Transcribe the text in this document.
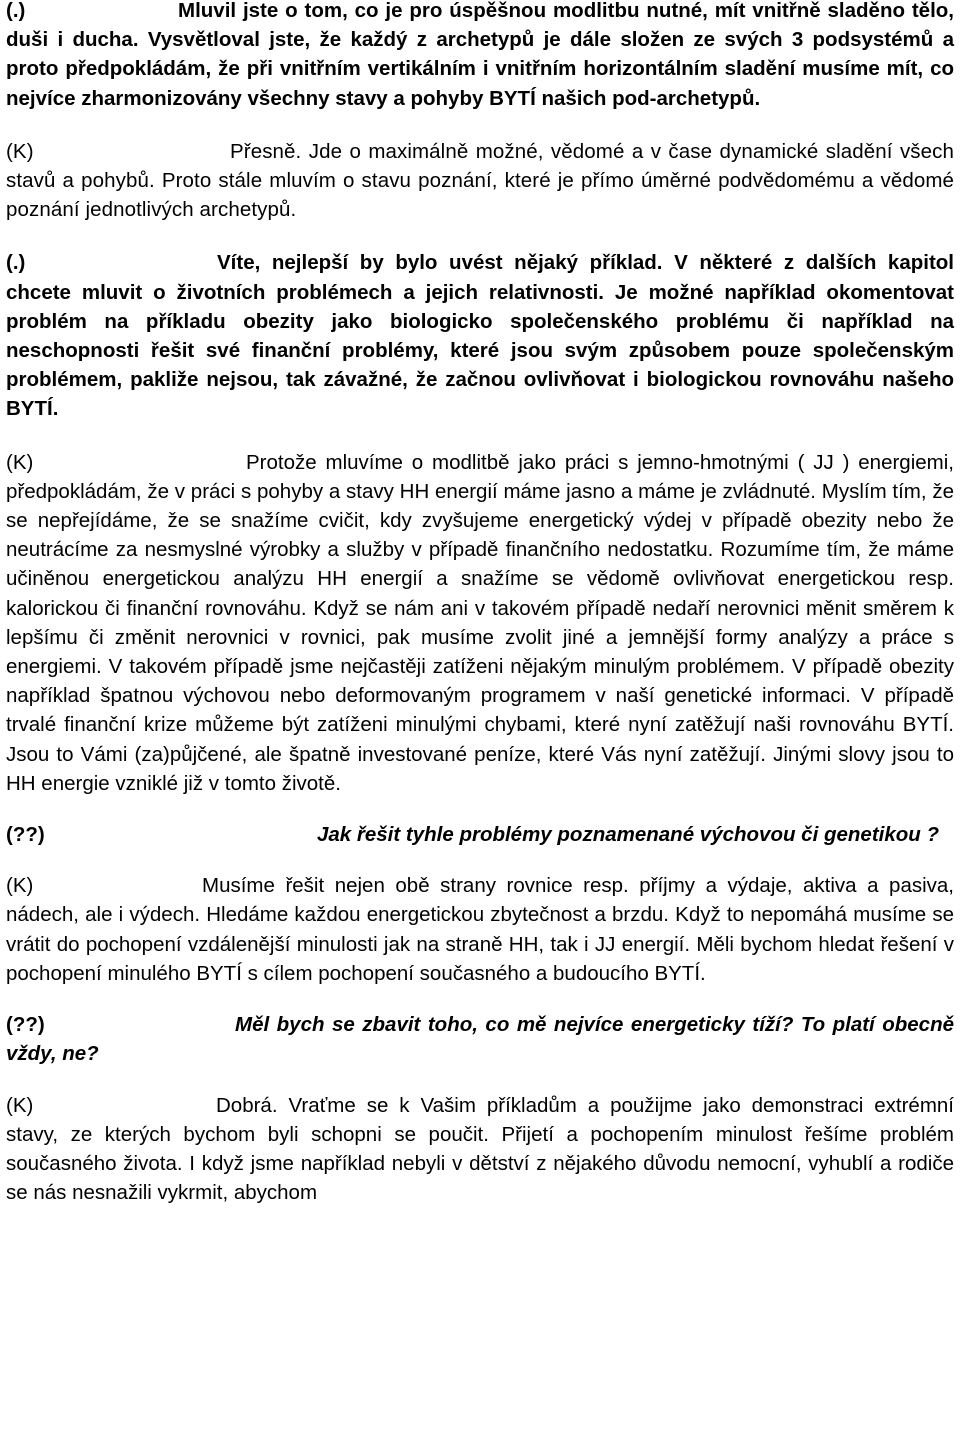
(.)	Mluvil jste o tom, co je pro úspěšnou modlitbu nutné, mít vnitřně sladěno tělo, duši i ducha. Vysvětloval jste, že každý z archetypů je dále složen ze svých 3 podsystémů a proto předpokládám, že při vnitřním vertikálním i vnitřním horizontálním sladění musíme mít, co nejvíce zharmonizovány všechny stavy a pohyby BYTÍ našich pod-archetypů.

(K)	Přesně. Jde o maximálně možné, vědomé a v čase dynamické sladění všech stavů a pohybů. Proto stále mluvím o stavu poznání, které je přímo úměrné podvědomému a vědomé poznání jednotlivých archetypů.

(.)	Víte, nejlepší by bylo uvést nějaký příklad. V některé z dalších kapitol chcete mluvit o životních problémech a jejich relativnosti. Je možné například okomentovat problém na příkladu obezity jako biologicko společenského problému či například na neschopnosti řešit své finanční problémy, které jsou svým způsobem pouze společenským problémem, pakliže nejsou, tak závažné, že začnou ovlivňovat i biologickou rovnováhu našeho BYTÍ.

(K)	Protože mluvíme o modlitbě jako práci s jemno-hmotnými ( JJ ) energiemi, předpokládám, že v práci s pohyby a stavy HH energií máme jasno a máme je zvládnuté. Myslím tím, že se nepřejídáme, že se snažíme cvičit, kdy zvyšujeme energetický výdej v případě obezity nebo že neutrácíme za nesmyslné výrobky a služby v případě finančního nedostatku. Rozumíme tím, že máme učiněnou energetickou analýzu HH energií a snažíme se vědomě ovlivňovat energetickou resp. kalorickou či finanční rovnováhu. Když se nám ani v takovém případě nedaří nerovnici měnit směrem k lepšímu či změnit nerovnici v rovnici, pak musíme zvolit jiné a jemnější formy analýzy a práce s energiemi. V takovém případě jsme nejčastěji zatíženi nějakým minulým problémem. V případě obezity například špatnou výchovou nebo deformovaným programem v naší genetické informaci. V případě trvalé finanční krize můžeme být zatíženi minulými chybami, které nyní zatěžují naši rovnováhu BYTÍ. Jsou to Vámi (za)půjčené, ale špatně investované peníze, které Vás nyní zatěžují. Jinými slovy jsou to HH energie vzniklé již v tomto životě.

(??)	Jak řešit tyhle problémy poznamenané výchovou či genetikou ?

(K)	Musíme řešit nejen obě strany rovnice resp. příjmy a výdaje, aktiva a pasiva, nádech, ale i výdech. Hledáme každou energetickou zbytečnost a brzdu. Když to nepomáhá musíme se vrátit do pochopení vzdálenější minulosti jak na straně HH, tak i JJ energií. Měli bychom hledat řešení v pochopení minulého BYTÍ s cílem pochopení současného a budoucího BYTÍ.

(??)	Měl bych se zbavit toho, co mě nejvíce energeticky tíží? To platí obecně vždy, ne?

(K)	Dobrá. Vraťme se k Vašim příkladům a použijme jako demonstraci extrémní stavy, ze kterých bychom byli schopni se poučit. Přijetí a pochopením minulost řešíme problém současného života. I když jsme například nebyli v dětství z nějakého důvodu nemocní, vyhublí a rodiče se nás nesnažili vykrmit, abychom
